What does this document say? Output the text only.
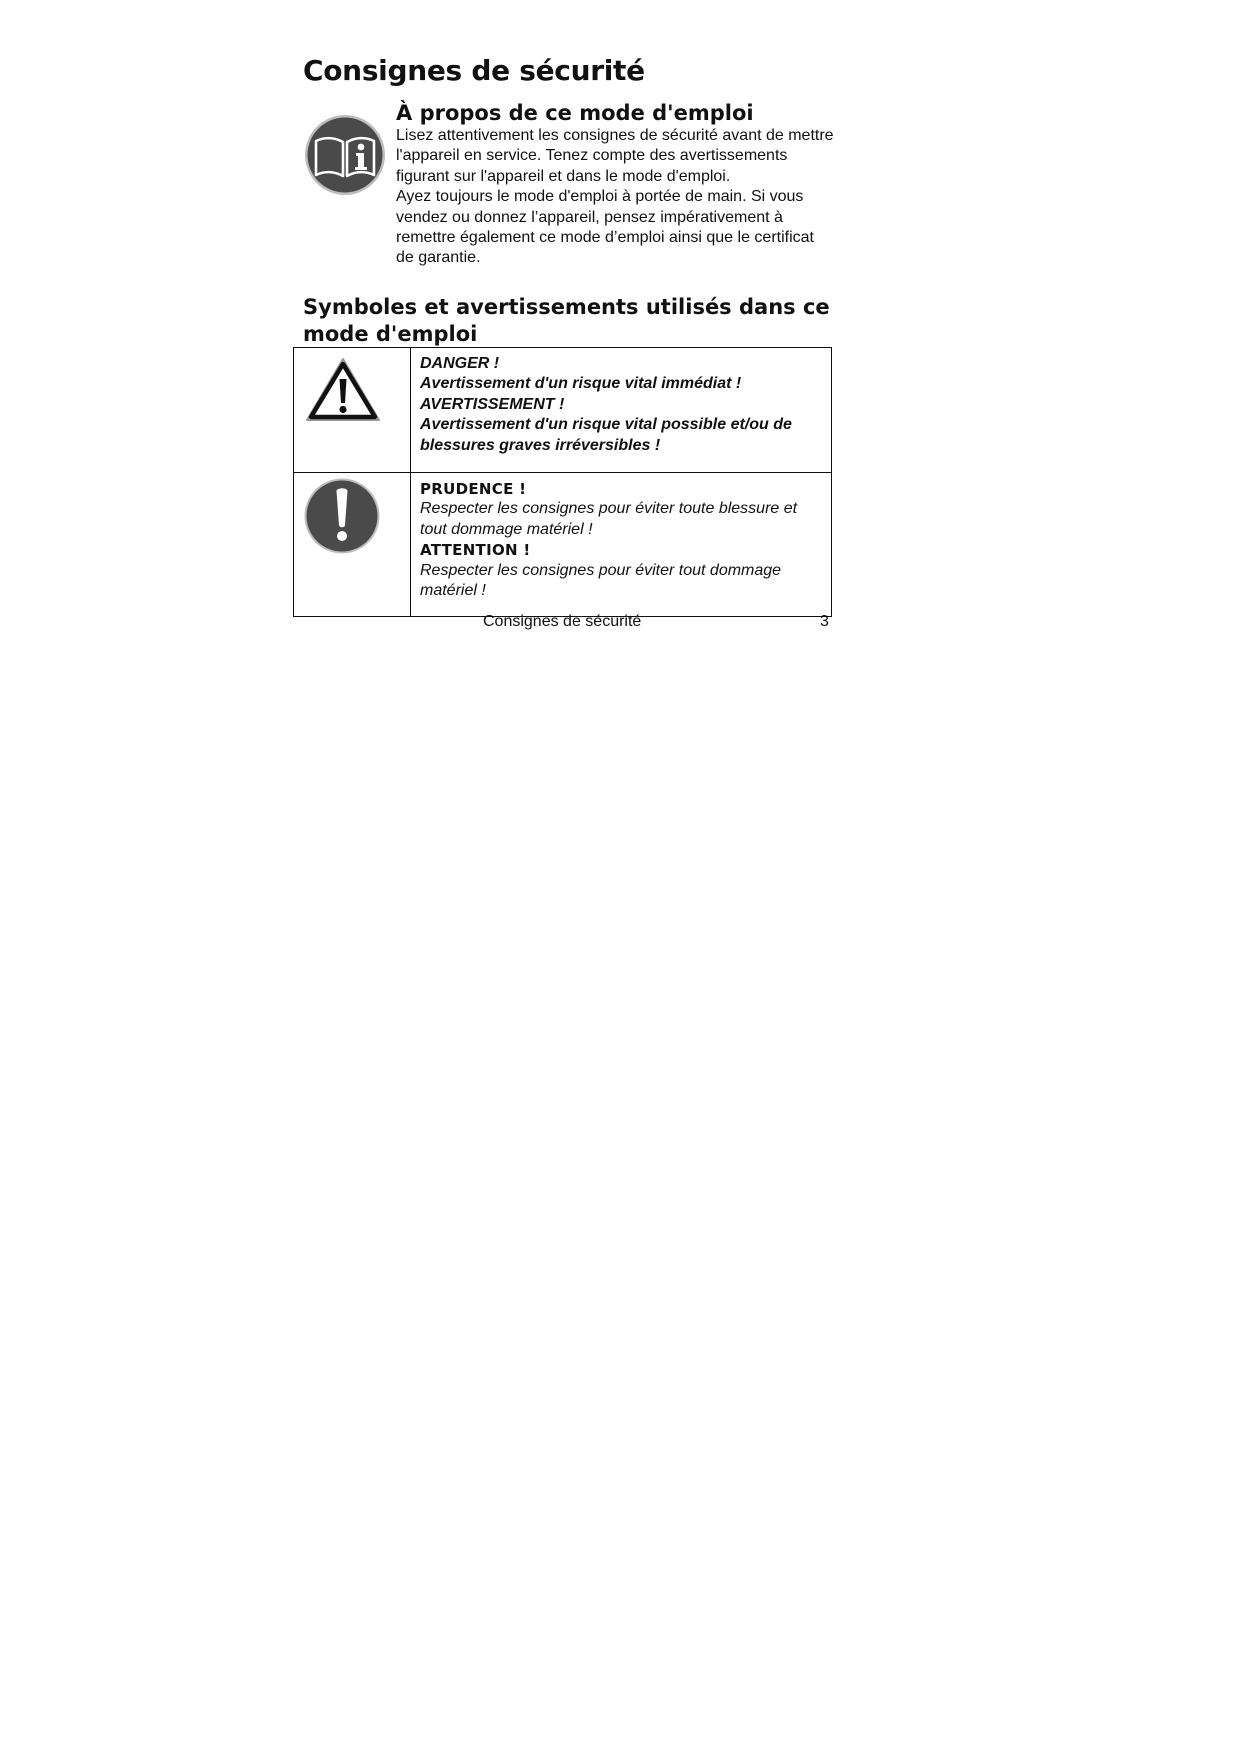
Consignes de sécurité
À propos de ce mode d'emploi

Lisez attentivement les consignes de sécurité avant de mettre l'appareil en service. Tenez compte des avertissements figurant sur l'appareil et dans le mode d'emploi.

Ayez toujours le mode d'emploi à portée de main. Si vous vendez ou donnez l’appareil, pensez impérativement à remettre également ce mode d’emploi ainsi que le certificat de garantie.

Symboles et avertissements utilisés dans ce mode d'emploi

DANGER !
Avertissement d'un risque vital immédiat !
AVERTISSEMENT !
Avertissement d'un risque vital possible et/ou de blessures graves irréversibles !

PRUDENCE !
Respecter les consignes pour éviter toute blessure et tout dommage matériel !
ATTENTION !
Respecter les consignes pour éviter tout dommage matériel !
Consignes de sécurité	3
